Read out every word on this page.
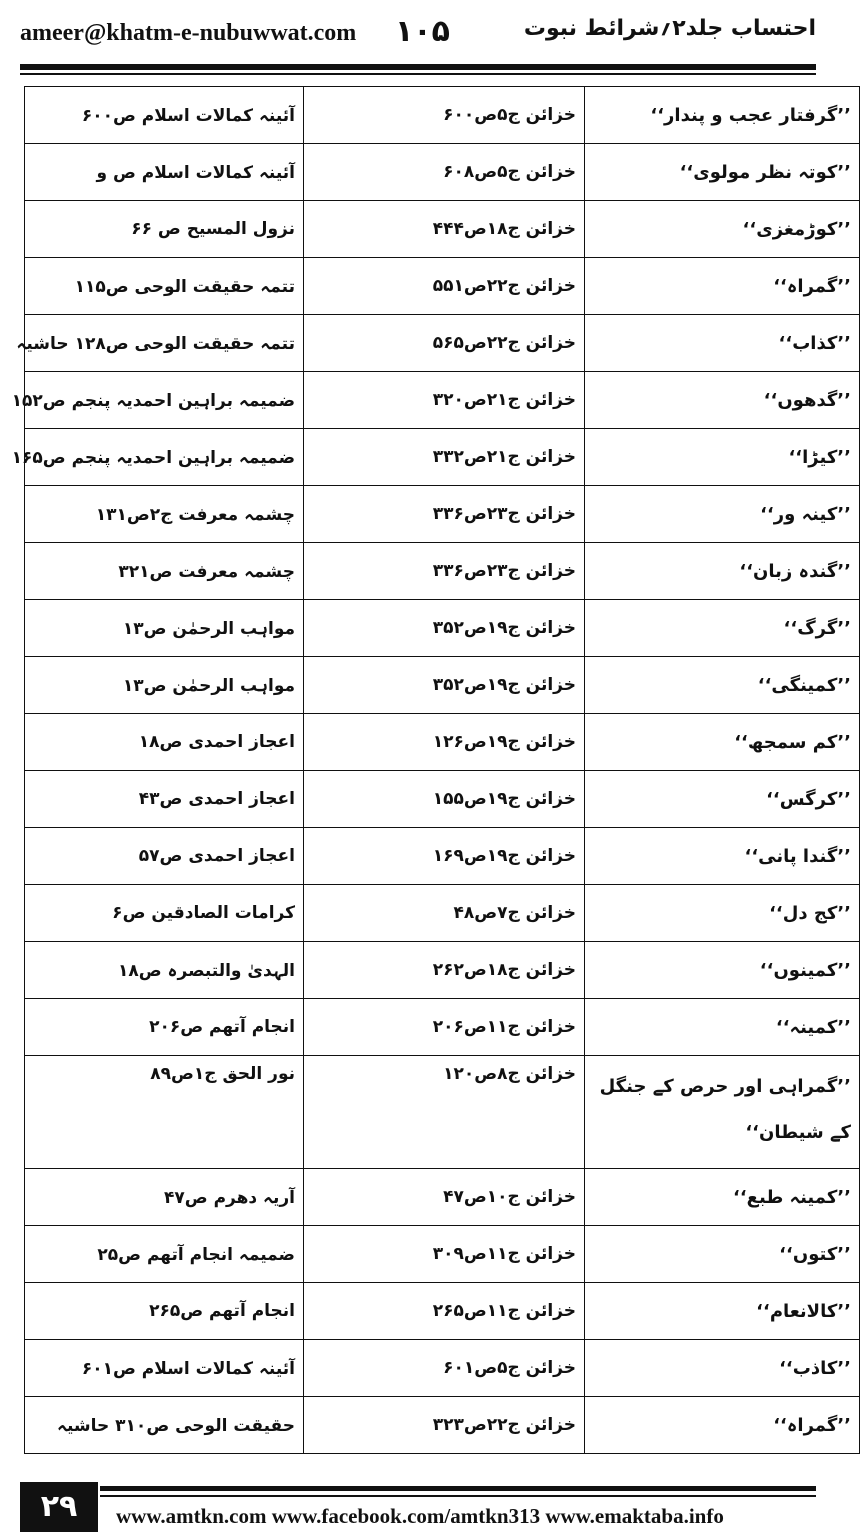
ameer@khatm-e-nubuwwat.com ۱۰۵	احتساب جلد۲؍شرائط نبوت
’’گرفتار عجب و پندار‘‘	خزائن ج۵ص۶۰۰	آئینہ کمالات اسلام ص۶۰۰
’’کوتہ نظر مولوی‘‘	خزائن ج۵ص۶۰۸	آئینہ کمالات اسلام ص و
’’کوڑمغزی‘‘	خزائن ج۱۸ص۴۴۴	نزول المسیح ص ۶۶
’’گمراہ‘‘	خزائن ج۲۲ص۵۵۱	تتمہ حقیقت الوحی ص۱۱۵
’’کذاب‘‘	خزائن ج۲۲ص۵۶۵	تتمہ حقیقت الوحی ص۱۲۸ حاشیہ
’’گدھوں‘‘	خزائن ج۲۱ص۳۲۰	ضمیمہ براہین احمدیہ پنجم ص۱۵۲
’’کیڑا‘‘	خزائن ج۲۱ص۳۳۲	ضمیمہ براہین احمدیہ پنجم ص۱۶۵
’’کینہ ور‘‘	خزائن ج۲۳ص۳۳۶	چشمہ معرفت ج۲ص۱۳۱
’’گندہ زبان‘‘	خزائن ج۲۳ص۳۳۶	چشمہ معرفت ص۳۲۱
’’گرگ‘‘	خزائن ج۱۹ص۳۵۲	مواہب الرحمٰن ص۱۳
’’کمینگی‘‘	خزائن ج۱۹ص۳۵۲	مواہب الرحمٰن ص۱۳
’’کم سمجھ‘‘	خزائن ج۱۹ص۱۲۶	اعجاز احمدی ص۱۸
’’کرگس‘‘	خزائن ج۱۹ص۱۵۵	اعجاز احمدی ص۴۳
’’گندا پانی‘‘	خزائن ج۱۹ص۱۶۹	اعجاز احمدی ص۵۷
’’کج دل‘‘	خزائن ج۷ص۴۸	کرامات الصادقین ص۶
’’کمینوں‘‘	خزائن ج۱۸ص۲۶۲	الہدیٰ والتبصرہ ص۱۸
’’کمینہ‘‘	خزائن ج۱۱ص۲۰۶	انجام آتھم ص۲۰۶
’’گمراہی اور حرص کے جنگل کے شیطان‘‘	خزائن ج۸ص۱۲۰	نور الحق ج۱ص۸۹
’’کمینہ طبع‘‘	خزائن ج۱۰ص۴۷	آریہ دھرم ص۴۷
’’کتوں‘‘	خزائن ج۱۱ص۳۰۹	ضمیمہ انجام آتھم ص۲۵
’’کالانعام‘‘	خزائن ج۱۱ص۲۶۵	انجام آتھم ص۲۶۵
’’کاذب‘‘	خزائن ج۵ص۶۰۱	آئینہ کمالات اسلام ص۶۰۱
’’گمراہ‘‘	خزائن ج۲۲ص۳۲۳	حقیقت الوحی ص۳۱۰ حاشیہ
۲۹	www.amtkn.com www.facebook.com/amtkn313 www.emaktaba.info
